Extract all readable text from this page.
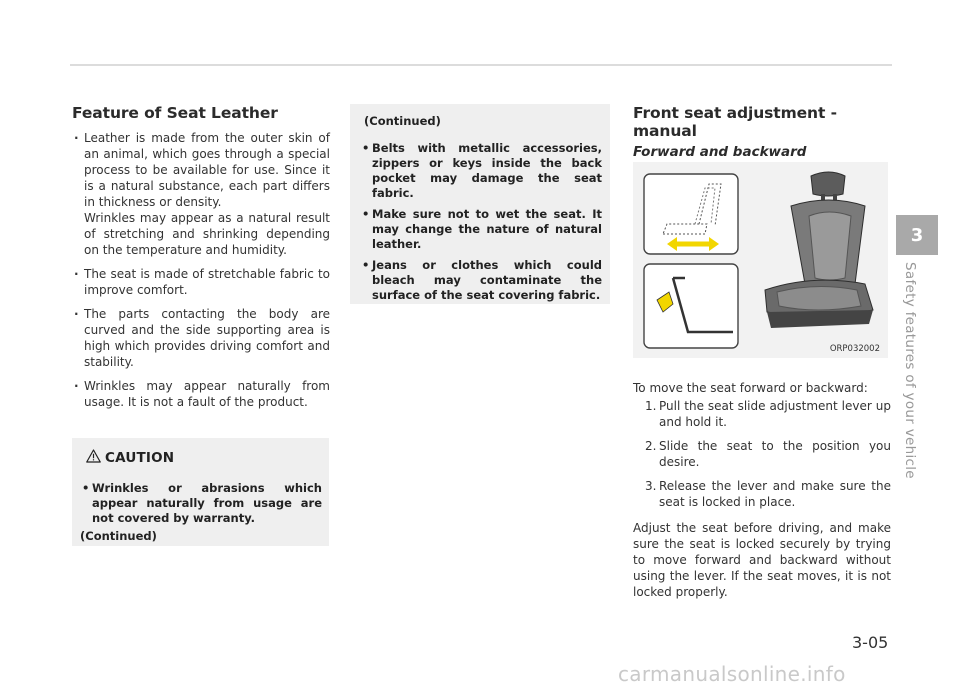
Feature of Seat Leather
· Leather is made from the outer skin of an animal, which goes through a special process to be available for use. Since it is a natural substance, each part differs in thickness or density.
Wrinkles may appear as a natural result of stretching and shrinking depending on the temperature and humidity.
· The seat is made of stretchable fabric to improve comfort.
· The parts contacting the body are curved and the side supporting area is high which provides driving comfort and stability.
· Wrinkles may appear naturally from usage. It is not a fault of the product.
CAUTION
• Wrinkles or abrasions which appear naturally from usage are not covered by warranty.
(Continued)
(Continued)
• Belts with metallic accessories, zippers or keys inside the back pocket may damage the seat fabric.
• Make sure not to wet the seat. It may change the nature of natural leather.
• Jeans or clothes which could bleach may contaminate the surface of the seat covering fabric.
Front seat adjustment - manual
Forward and backward
ORP032002
To move the seat forward or backward:
1. Pull the seat slide adjustment lever up and hold it.
2. Slide the seat to the position you desire.
3. Release the lever and make sure the seat is locked in place.
Adjust the seat before driving, and make sure the seat is locked securely by trying to move forward and backward without using the lever. If the seat moves, it is not locked properly.
3
Safety features of your vehicle
3-05
carmanualsonline.info
